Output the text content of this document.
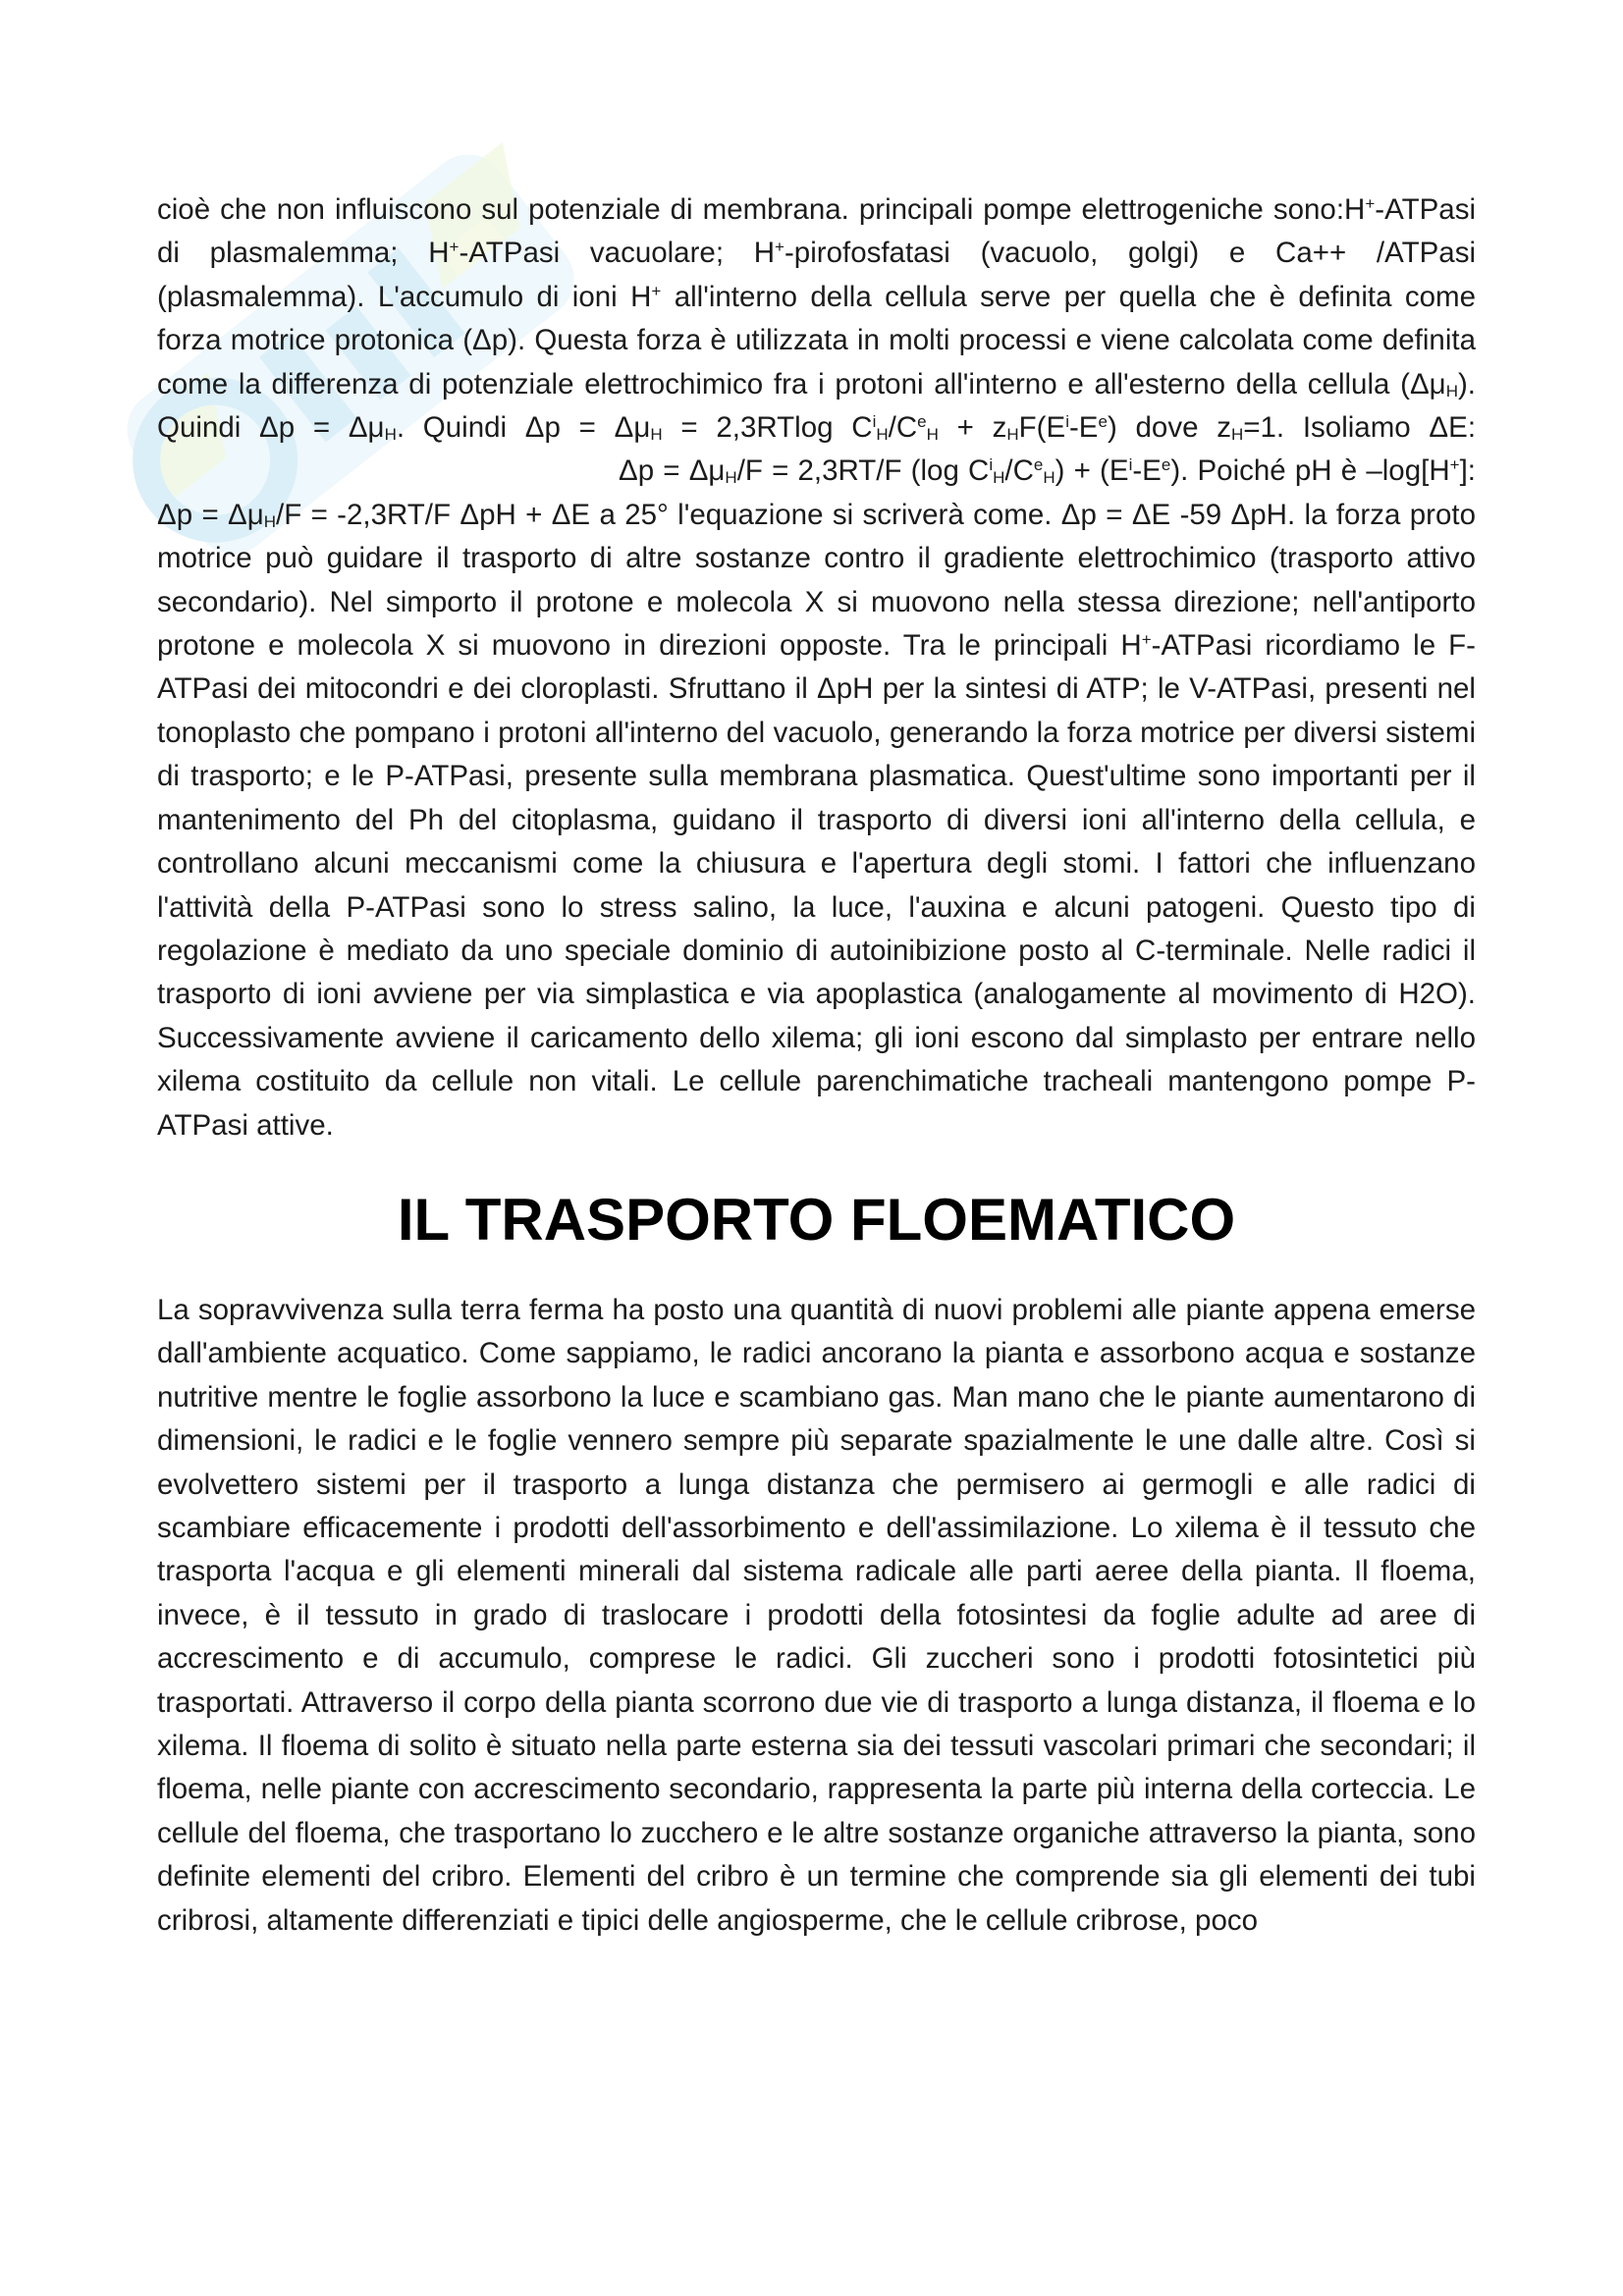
cioè che non influiscono sul potenziale di membrana. principali pompe elettrogeniche sono:H+-ATPasi di plasmalemma; H+-ATPasi vacuolare; H+-pirofosfatasi (vacuolo, golgi) e Ca++ /ATPasi (plasmalemma). L'accumulo di ioni H+ all'interno della cellula serve per quella che è definita come forza motrice protonica (Δp). Questa forza è utilizzata in molti processi e viene calcolata come definita come la differenza di potenziale elettrochimico fra i protoni all'interno e all'esterno della cellula $(\Delta\mu_H)$. Quindi $\Delta p = \Delta\mu_H$. Quindi $\Delta p = \Delta\mu_H = 2,3RTlog$ $C^i_H/C^e_H + z_HF(E^i-E^e)$ dove $z_H=1$. Isoliamo ΔE:Δp = $\Delta\mu_H/F = 2,3RT/F$ (log $C^i_H/C^e_H) + (E^i-E^e)$. Poiché pH è –log[H+]: $\Delta p = \Delta\mu_H/F = -2,3RT/F$ ΔpH + ΔE a 25° l'equazione si scriverà come. Δp = ΔE -59 ΔpH. la forza proto motrice può guidare il trasporto di altre sostanze contro il gradiente elettrochimico (trasporto attivo secondario). Nel simporto il protone e molecola X si muovono nella stessa direzione; nell'antiporto protone e molecola X si muovono in direzioni opposte. Tra le principali H+-ATPasi ricordiamo le F-ATPasi dei mitocondri e dei cloroplasti. Sfruttano il ΔpH per la sintesi di ATP; le V-ATPasi, presenti nel tonoplasto che pompano i protoni all'interno del vacuolo, generando la forza motrice per diversi sistemi di trasporto; e le P-ATPasi, presente sulla membrana plasmatica. Quest'ultime sono importanti per il mantenimento del Ph del citoplasma, guidano il trasporto di diversi ioni all'interno della cellula, e controllano alcuni meccanismi come la chiusura e l'apertura degli stomi. I fattori che influenzano l'attività della P-ATPasi sono lo stress salino, la luce, l'auxina e alcuni patogeni. Questo tipo di regolazione è mediato da uno speciale dominio di autoinibizione posto al C-terminale. Nelle radici il trasporto di ioni avviene per via simplastica e via apoplastica (analogamente al movimento di H2O). Successivamente avviene il caricamento dello xilema; gli ioni escono dal simplasto per entrare nello xilema costituito da cellule non vitali. Le cellule parenchimatiche tracheali mantengono pompe P-ATPasi attive.

IL TRASPORTO FLOEMATICO

La sopravvivenza sulla terra ferma ha posto una quantità di nuovi problemi alle piante appena emerse dall'ambiente acquatico. Come sappiamo, le radici ancorano la pianta e assorbono acqua e sostanze nutritive mentre le foglie assorbono la luce e scambiano gas. Man mano che le piante aumentarono di dimensioni, le radici e le foglie vennero sempre più separate spazialmente le une dalle altre. Così si evolvettero sistemi per il trasporto a lunga distanza che permisero ai germogli e alle radici di scambiare efficacemente i prodotti dell'assorbimento e dell'assimilazione. Lo xilema è il tessuto che trasporta l'acqua e gli elementi minerali dal sistema radicale alle parti aeree della pianta. Il floema, invece, è il tessuto in grado di traslocare i prodotti della fotosintesi da foglie adulte ad aree di accrescimento e di accumulo, comprese le radici. Gli zuccheri sono i prodotti fotosintetici più trasportati. Attraverso il corpo della pianta scorrono due vie di trasporto a lunga distanza, il floema e lo xilema. Il floema di solito è situato nella parte esterna sia dei tessuti vascolari primari che secondari; il floema, nelle piante con accrescimento secondario, rappresenta la parte più interna della corteccia. Le cellule del floema, che trasportano lo zucchero e le altre sostanze organiche attraverso la pianta, sono definite elementi del cribro. Elementi del cribro è un termine che comprende sia gli elementi dei tubi cribrosi, altamente differenziati e tipici delle angiosperme, che le cellule cribrose, poco
